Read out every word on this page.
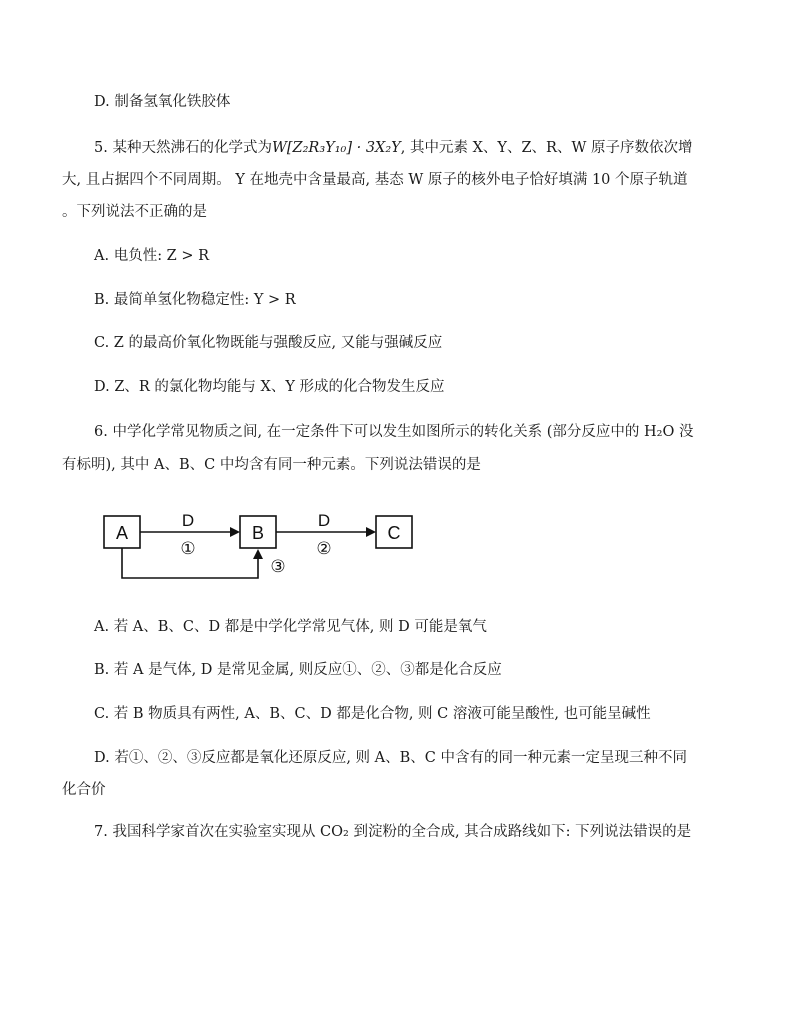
D. 制备氢氧化铁胶体
5. 某种天然沸石的化学式为W[Z₂R₃Y₁₀] · 3X₂Y, 其中元素 X、Y、Z、R、W 原子序数依次增
大, 且占据四个不同周期。 Y 在地壳中含量最高, 基态 W 原子的核外电子恰好填满 10 个原子轨道
。下列说法不正确的是
A. 电负性: Z > R
B. 最简单氢化物稳定性: Y > R
C. Z 的最高价氧化物既能与强酸反应, 又能与强碱反应
D. Z、R 的氯化物均能与 X、Y 形成的化合物发生反应
6. 中学化学常见物质之间, 在一定条件下可以发生如图所示的转化关系 (部分反应中的 H₂O 没
有标明), 其中 A、B、C 中均含有同一种元素。下列说法错误的是
A	B	C
D
①
D
②
③
A. 若 A、B、C、D 都是中学化学常见气体, 则 D 可能是氧气
B. 若 A 是气体, D 是常见金属, 则反应①、②、③都是化合反应
C. 若 B 物质具有两性, A、B、C、D 都是化合物, 则 C 溶液可能呈酸性, 也可能呈碱性
D. 若①、②、③反应都是氧化还原反应, 则 A、B、C 中含有的同一种元素一定呈现三种不同
化合价
7. 我国科学家首次在实验室实现从 CO₂ 到淀粉的全合成, 其合成路线如下: 下列说法错误的是
